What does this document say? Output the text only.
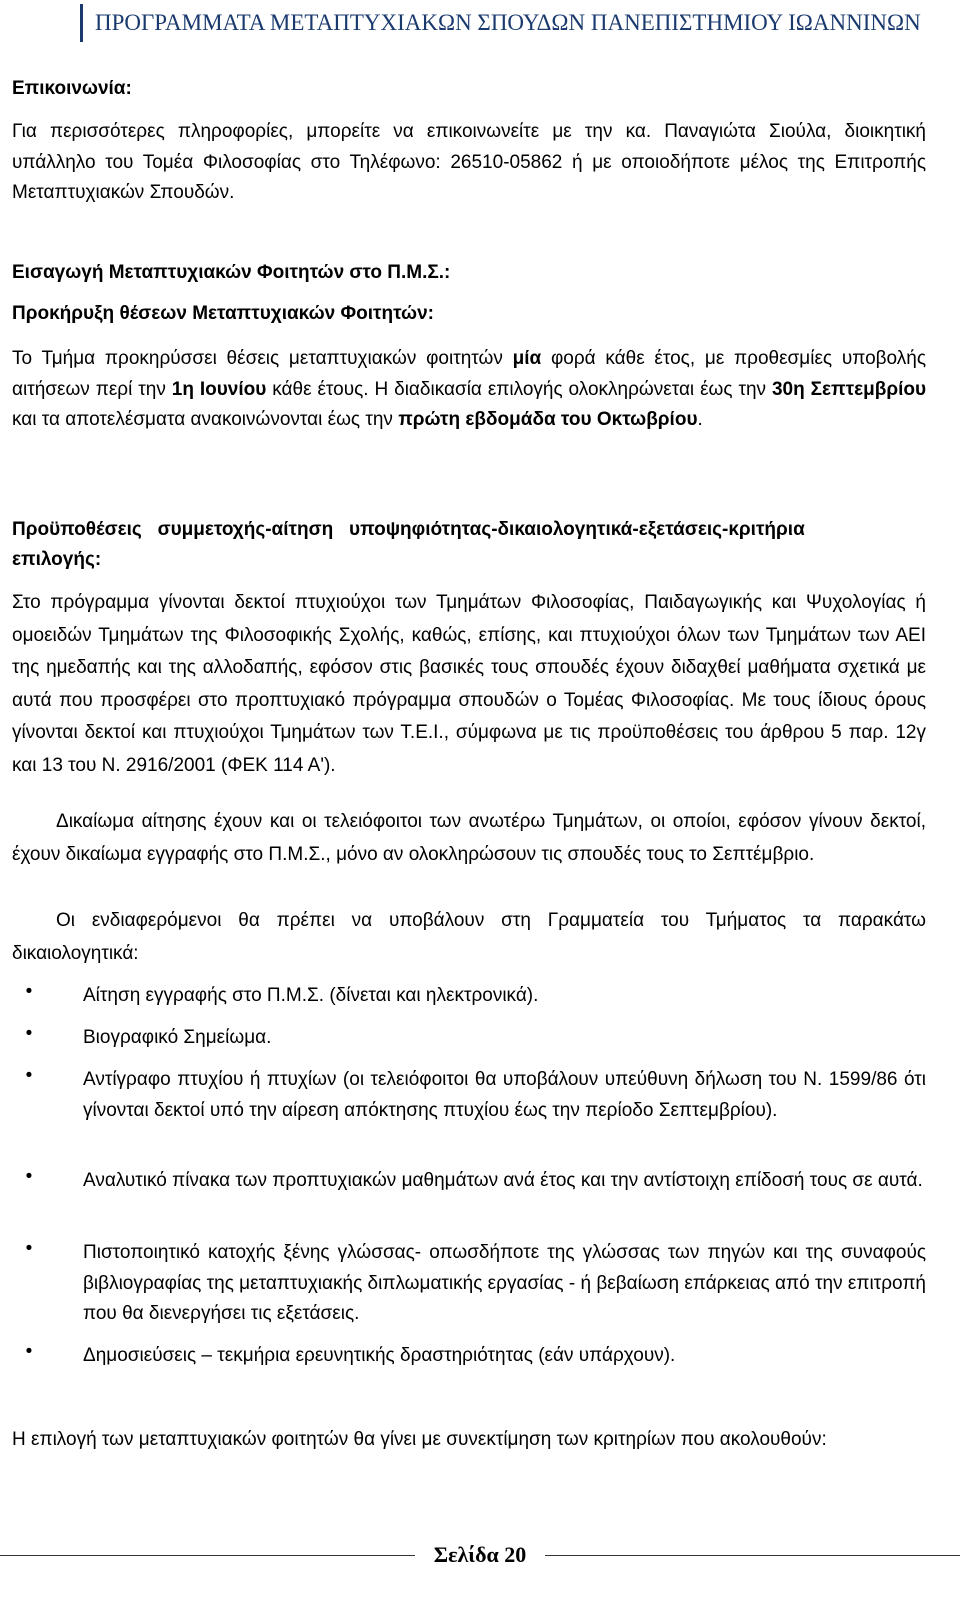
ΠΡΟΓΡΑΜΜΑΤΑ ΜΕΤΑΠΤΥΧΙΑΚΩΝ ΣΠΟΥΔΩΝ ΠΑΝΕΠΙΣΤΗΜΙΟΥ ΙΩΑΝΝΙΝΩΝ
Επικοινωνία:

Για περισσότερες πληροφορίες, μπορείτε να επικοινωνείτε με την κα. Παναγιώτα Σιούλα, διοικητική υπάλληλο του Τομέα Φιλοσοφίας στο Τηλέφωνο: 26510-05862 ή με οποιοδήποτε μέλος της Επιτροπής Μεταπτυχιακών Σπουδών.

Εισαγωγή Μεταπτυχιακών Φοιτητών στο Π.Μ.Σ.:
Προκήρυξη θέσεων Μεταπτυχιακών Φοιτητών:

Το Τμήμα προκηρύσσει θέσεις μεταπτυχιακών φοιτητών μία φορά κάθε έτος, με προθεσμίες υποβολής αιτήσεων περί την 1η Ιουνίου κάθε έτους. Η διαδικασία επιλογής ολοκληρώνεται έως την 30η Σεπτεμβρίου και τα αποτελέσματα ανακοινώνονται έως την πρώτη εβδομάδα του Οκτωβρίου.

Προϋποθέσεις   συμμετοχής-αίτηση   υποψηφιότητας-δικαιολογητικά-εξετάσεις-κριτήρια
επιλογής:

Στο πρόγραμμα γίνονται δεκτοί πτυχιούχοι των Τμημάτων Φιλοσοφίας, Παιδαγωγικής και Ψυχολογίας ή ομοειδών Τμημάτων της Φιλοσοφικής Σχολής, καθώς, επίσης, και πτυχιούχοι όλων των Τμημάτων των ΑΕΙ της ημεδαπής και της αλλοδαπής, εφόσον στις βασικές τους σπουδές έχουν διδαχθεί μαθήματα σχετικά με αυτά που προσφέρει στο προπτυχιακό πρόγραμμα σπουδών ο Τομέας Φιλοσοφίας. Με τους ίδιους όρους γίνονται δεκτοί και πτυχιούχοι Τμημάτων των Τ.Ε.Ι., σύμφωνα με τις προϋποθέσεις του άρθρου 5 παρ. 12γ και 13 του Ν. 2916/2001 (ΦΕΚ 114 Α').

Δικαίωμα αίτησης έχουν και οι τελειόφοιτοι των ανωτέρω Τμημάτων, οι οποίοι, εφόσον γίνουν δεκτοί, έχουν δικαίωμα εγγραφής στο Π.Μ.Σ., μόνο αν ολοκληρώσουν τις σπουδές τους το Σεπτέμβριο.

Οι ενδιαφερόμενοι θα πρέπει να υποβάλουν στη Γραμματεία του Τμήματος τα παρακάτω δικαιολογητικά:

•	Αίτηση εγγραφής στο Π.Μ.Σ. (δίνεται και ηλεκτρονικά).
•	Βιογραφικό Σημείωμα.
•	Αντίγραφο πτυχίου ή πτυχίων (οι τελειόφοιτοι θα υποβάλουν υπεύθυνη δήλωση του Ν. 1599/86 ότι γίνονται δεκτοί υπό την αίρεση απόκτησης πτυχίου έως την περίοδο Σεπτεμβρίου).
•	Αναλυτικό πίνακα των προπτυχιακών μαθημάτων ανά έτος και την αντίστοιχη επίδοσή τους σε αυτά.
•	Πιστοποιητικό κατοχής ξένης γλώσσας- οπωσδήποτε της γλώσσας των πηγών και της συναφούς βιβλιογραφίας της μεταπτυχιακής διπλωματικής εργασίας - ή βεβαίωση επάρκειας από την επιτροπή που θα διενεργήσει τις εξετάσεις.
•	Δημοσιεύσεις – τεκμήρια ερευνητικής δραστηριότητας (εάν υπάρχουν).

Η επιλογή των μεταπτυχιακών φοιτητών θα γίνει με συνεκτίμηση των κριτηρίων που ακολουθούν:

Σελίδα 20
